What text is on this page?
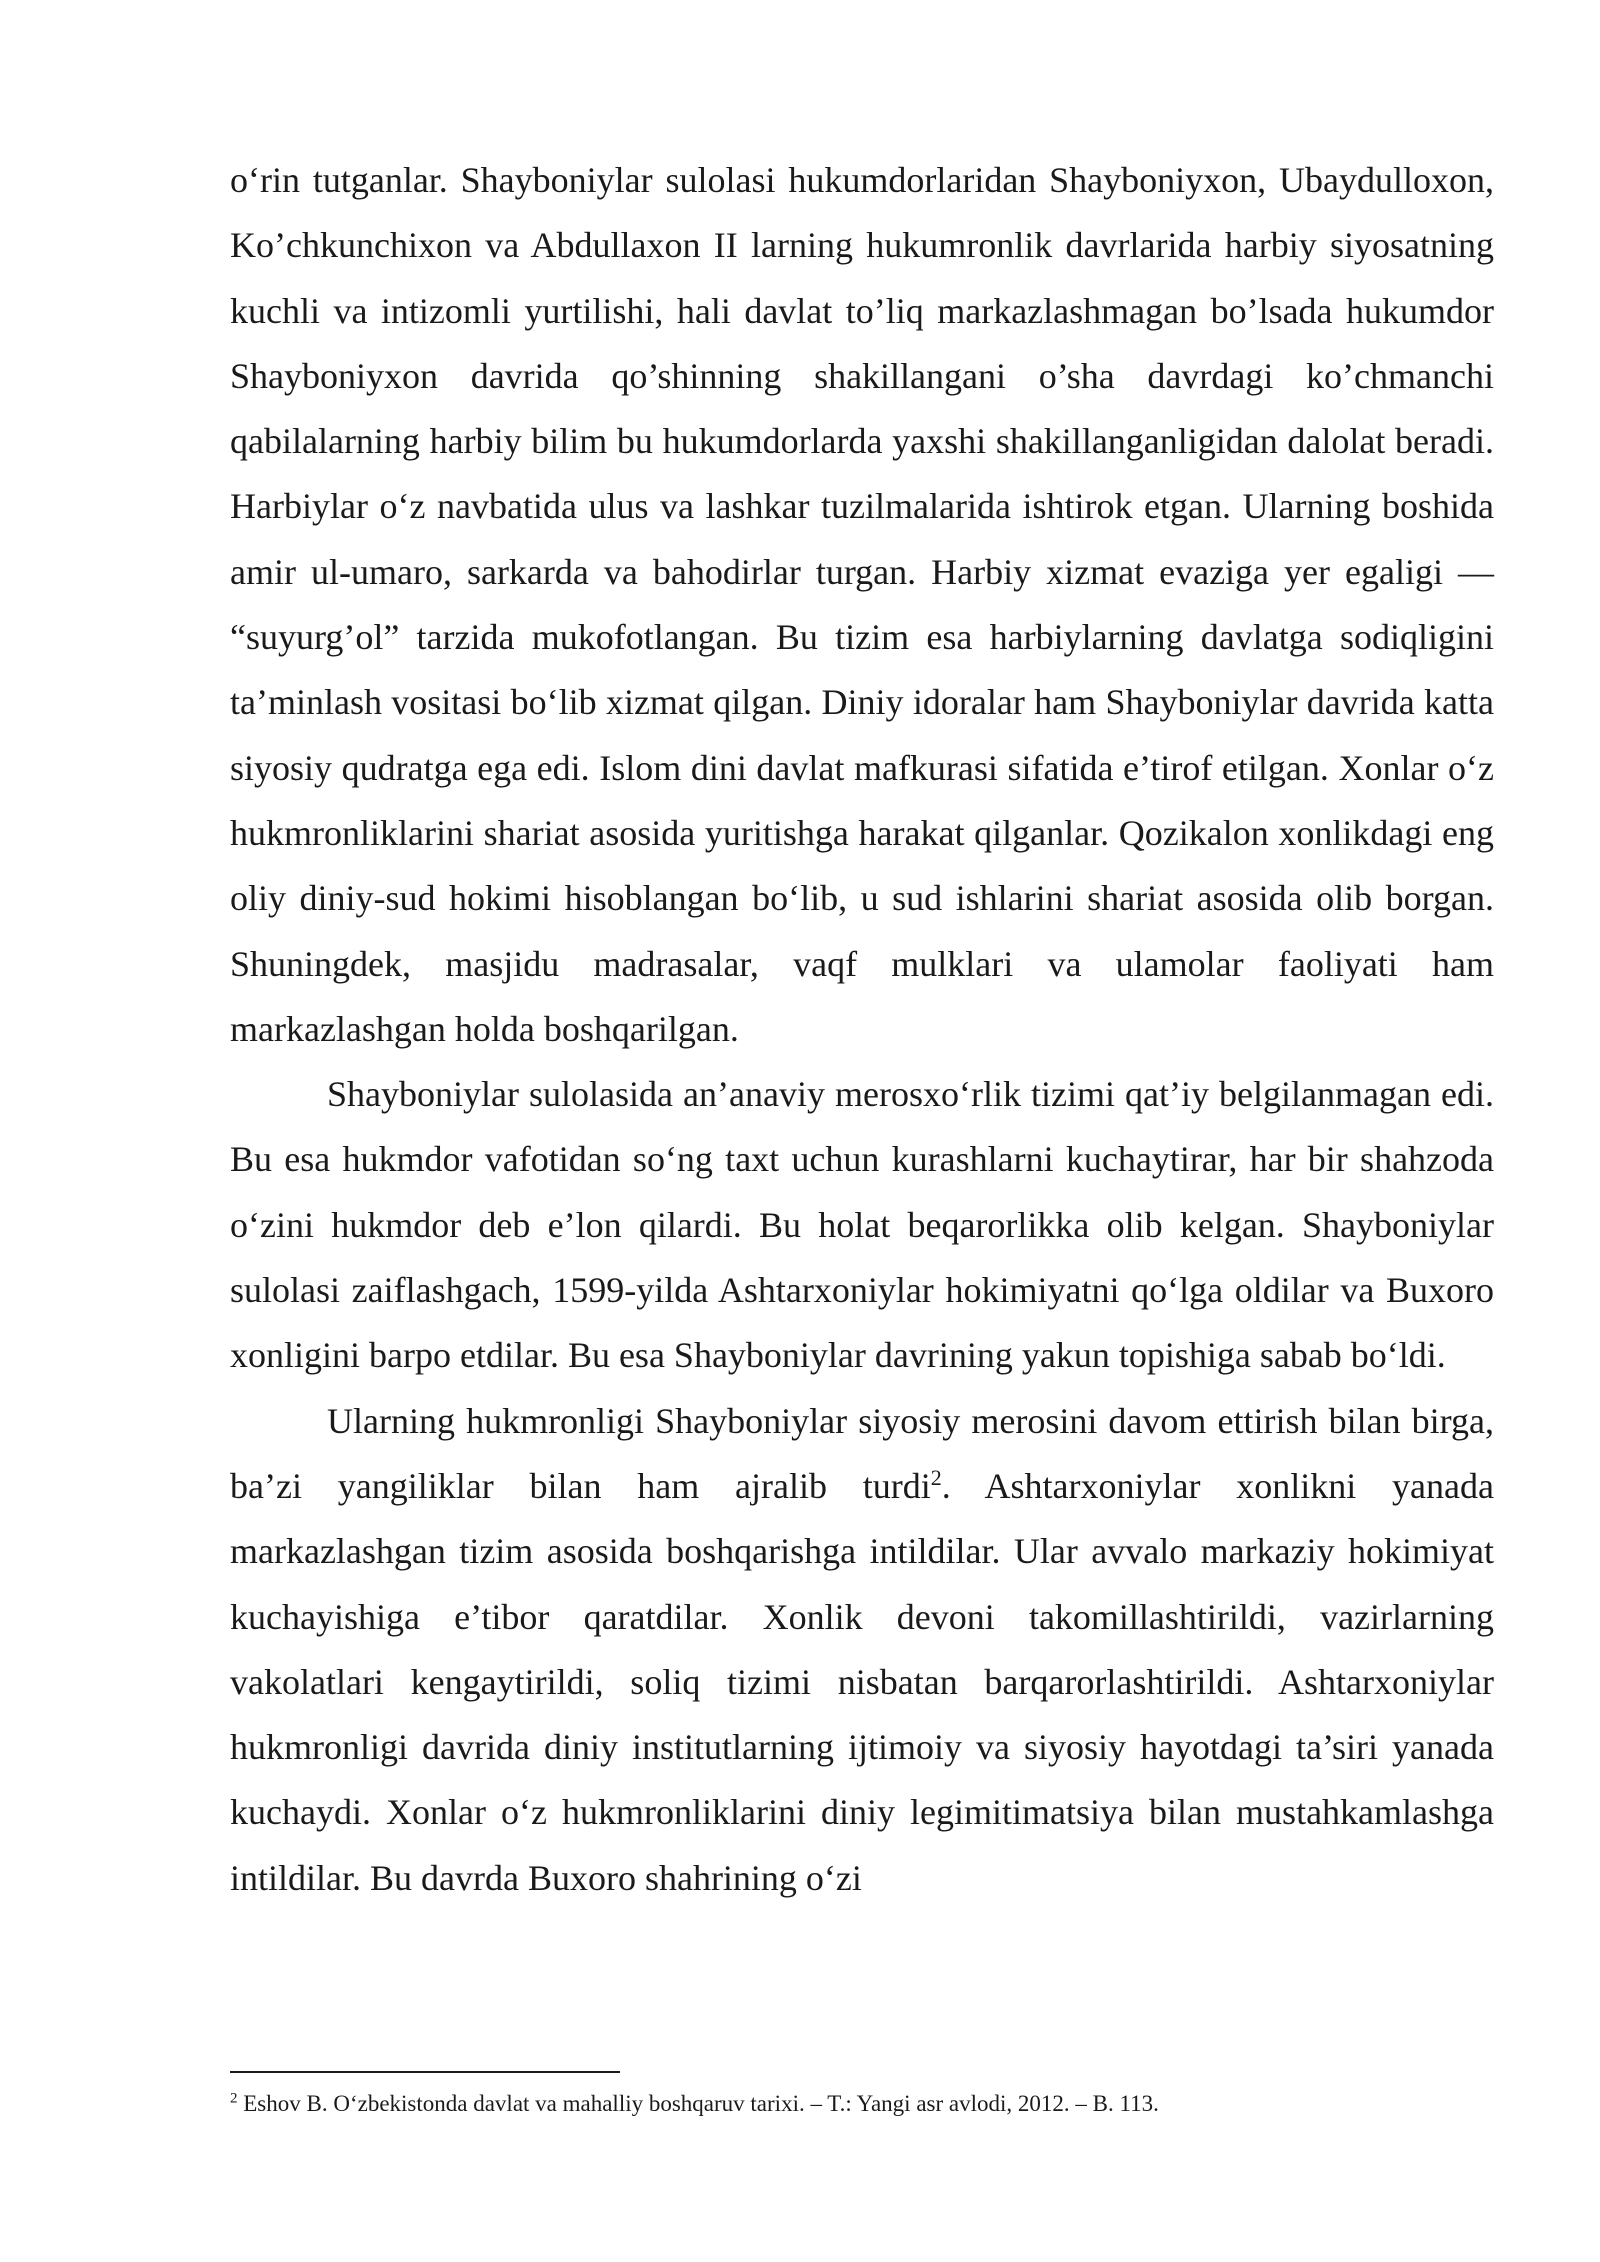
o‘rin tutganlar. Shayboniylar sulolasi hukumdorlaridan Shayboniyxon, Ubaydulloxon, Ko’chkunchixon va Abdullaxon II larning hukumronlik davrlarida harbiy siyosatning kuchli va intizomli yurtilishi, hali davlat to’liq markazlashmagan bo’lsada hukumdor Shayboniyxon davrida qo’shinning shakillangani o’sha davrdagi ko’chmanchi qabilalarning harbiy bilim bu hukumdorlarda yaxshi shakillanganligidan dalolat beradi. Harbiylar o‘z navbatida ulus va lashkar tuzilmalarida ishtirok etgan. Ularning boshida amir ul-umaro, sarkarda va bahodirlar turgan. Harbiy xizmat evaziga yer egaligi — “suyurg’ol” tarzida mukofotlangan. Bu tizim esa harbiylarning davlatga sodiqligini ta’minlash vositasi bo‘lib xizmat qilgan. Diniy idoralar ham Shayboniylar davrida katta siyosiy qudratga ega edi. Islom dini davlat mafkurasi sifatida e’tirof etilgan. Xonlar o‘z hukmronliklarini shariat asosida yuritishga harakat qilganlar. Qozikalon xonlikdagi eng oliy diniy-sud hokimi hisoblangan bo‘lib, u sud ishlarini shariat asosida olib borgan. Shuningdek, masjidu madrasalar, vaqf mulklari va ulamolar faoliyati ham markazlashgan holda boshqarilgan.

Shayboniylar sulolasida an’anaviy merosxo‘rlik tizimi qat’iy belgilanmagan edi. Bu esa hukmdor vafotidan so‘ng taxt uchun kurashlarni kuchaytirar, har bir shahzoda o‘zini hukmdor deb e’lon qilardi. Bu holat beqarorlikka olib kelgan. Shayboniylar sulolasi zaiflashgach, 1599-yilda Ashtarxoniylar hokimiyatni qo‘lga oldilar va Buxoro xonligini barpo etdilar. Bu esa Shayboniylar davrining yakun topishiga sabab bo‘ldi.

Ularning hukmronligi Shayboniylar siyosiy merosini davom ettirish bilan birga, ba’zi yangiliklar bilan ham ajralib turdi$^2$. Ashtarxoniylar xonlikni yanada markazlashgan tizim asosida boshqarishga intildilar. Ular avvalo markaziy hokimiyat kuchayishiga e’tibor qaratdilar. Xonlik devoni takomillashtirildi, vazirlarning vakolatlari kengaytirildi, soliq tizimi nisbatan barqarorlashtirildi. Ashtarxoniylar hukmronligi davrida diniy institutlarning ijtimoiy va siyosiy hayotdagi ta’siri yanada kuchaydi. Xonlar o‘z hukmronliklarini diniy legimitimatsiya bilan mustahkamlashga intildilar. Bu davrda Buxoro shahrining o‘zi

$^2$ Eshov B. O‘zbekistonda davlat va mahalliy boshqaruv tarixi. – T.: Yangi asr avlodi, 2012. – B. 113.
